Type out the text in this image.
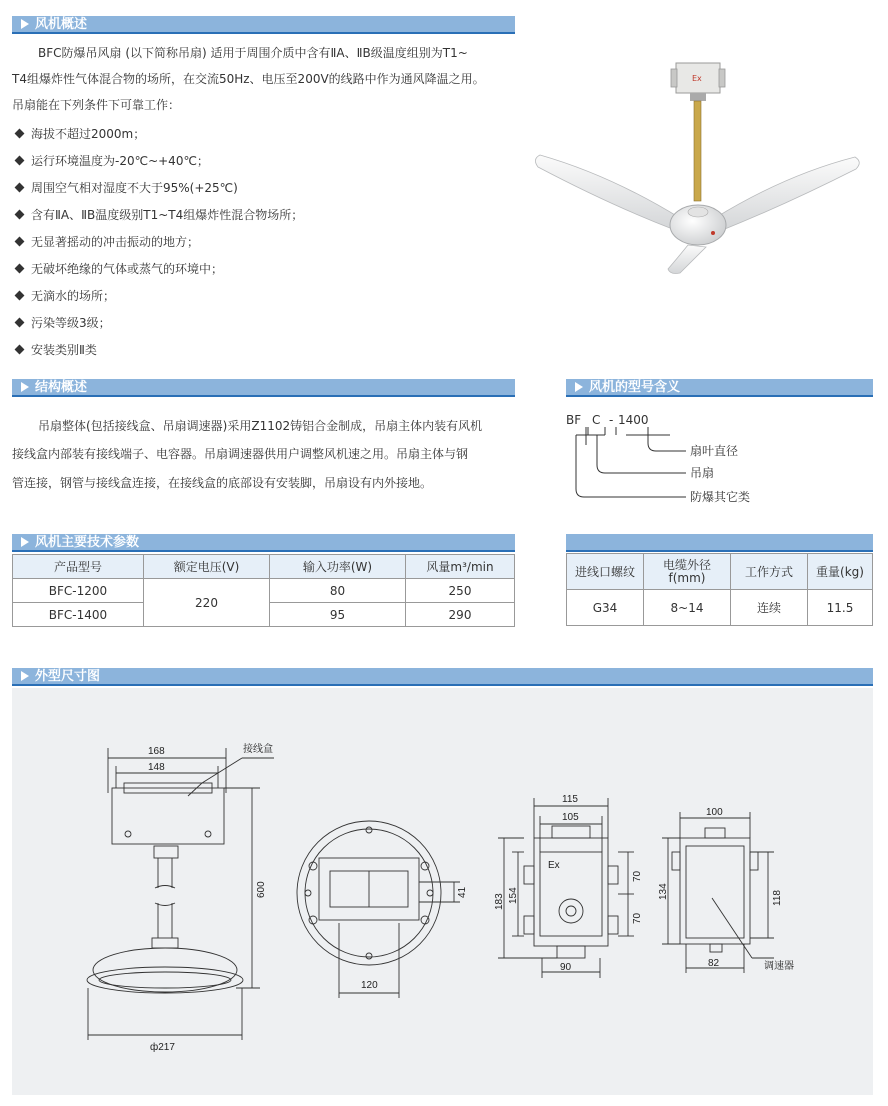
风机概述
BFC防爆吊风扇 (以下简称吊扇) 适用于周围介质中含有ⅡA、ⅡB级温度组别为T1~
T4组爆炸性气体混合物的场所，在交流50Hz、电压至200V的线路中作为通风降温之用。
吊扇能在下列条件下可靠工作：
海拔不超过2000m；
运行环境温度为-20℃~+40℃；
周围空气相对湿度不大于95%(+25℃)
含有ⅡA、ⅡB温度级别T1~T4组爆炸性混合物场所；
无显著摇动的冲击振动的地方；
无破坏绝缘的气体或蒸气的环境中；
无滴水的场所；
污染等级3级；
安装类别Ⅱ类
Ex
结构概述
吊扇整体(包括接线盒、吊扇调速器)采用Z1102铸铝合金制成，吊扇主体内装有风机
接线盒内部装有接线端子、电容器。吊扇调速器供用户调整风机速之用。吊扇主体与钢
管连接，钢管与接线盒连接，在接线盒的底部设有安装脚，吊扇设有内外接地。
风机的型号含义
BF C - 1400
扇叶直径
吊扇
防爆其它类
风机主要技术参数
产品型号	额定电压(V)	输入功率(W)	风量m³/min
BFC-1200	220	80	250
BFC-1400		95	290
进线口螺纹	电缆外径 f(mm)	工作方式	重量(kg)
G34	8~14	连续	11.5
外型尺寸图
168
148
接线盒
600
ф217
41
120
115
105
183 154
70
70
90
Ex
100
134	118
82	调速器
